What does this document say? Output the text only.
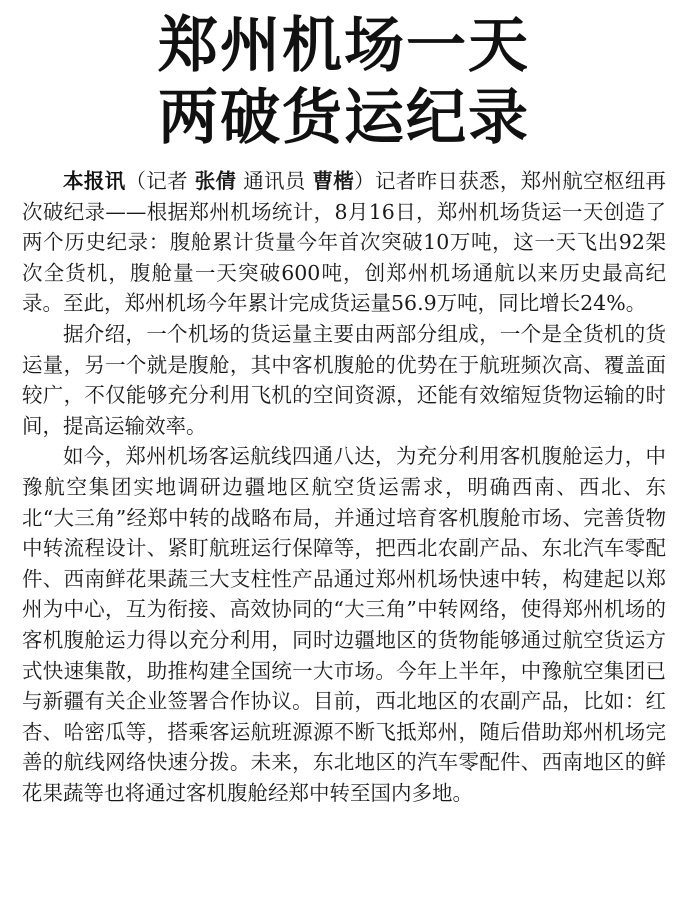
郑州机场一天
两破货运纪录

本报讯（记者 张倩 通讯员 曹楷）记者昨日获悉，郑州航空枢纽再次破纪录——根据郑州机场统计，8月16日，郑州机场货运一天创造了两个历史纪录：腹舱累计货量今年首次突破10万吨，这一天飞出92架次全货机，腹舱量一天突破600吨，创郑州机场通航以来历史最高纪录。至此，郑州机场今年累计完成货运量56.9万吨，同比增长24%。

据介绍，一个机场的货运量主要由两部分组成，一个是全货机的货运量，另一个就是腹舱，其中客机腹舱的优势在于航班频次高、覆盖面较广，不仅能够充分利用飞机的空间资源，还能有效缩短货物运输的时间，提高运输效率。

如今，郑州机场客运航线四通八达，为充分利用客机腹舱运力，中豫航空集团实地调研边疆地区航空货运需求，明确西南、西北、东北“大三角”经郑中转的战略布局，并通过培育客机腹舱市场、完善货物中转流程设计、紧盯航班运行保障等，把西北农副产品、东北汽车零配件、西南鲜花果蔬三大支柱性产品通过郑州机场快速中转，构建起以郑州为中心，互为衔接、高效协同的“大三角”中转网络，使得郑州机场的客机腹舱运力得以充分利用，同时边疆地区的货物能够通过航空货运方式快速集散，助推构建全国统一大市场。今年上半年，中豫航空集团已与新疆有关企业签署合作协议。目前，西北地区的农副产品，比如：红杏、哈密瓜等，搭乘客运航班源源不断飞抵郑州，随后借助郑州机场完善的航线网络快速分拨。未来，东北地区的汽车零配件、西南地区的鲜花果蔬等也将通过客机腹舱经郑中转至国内多地。
